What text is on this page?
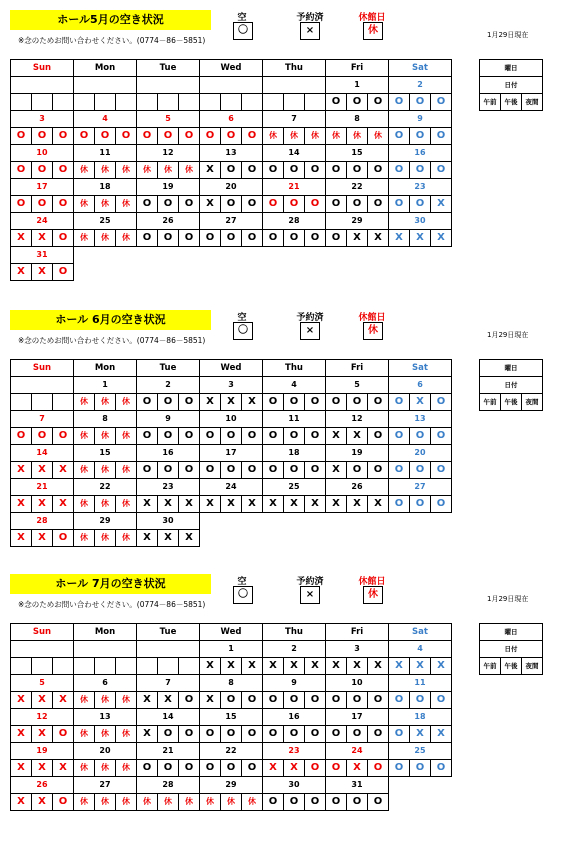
ホール5月の空き状況
※念のためお問い合わせください。(0774－86－5851)
空
〇
予約済
×
休館日
休	1月29日現在
Sun			Mon			Tue			Wed			Thu			Fri			Sat		
															1			2		
															O	O	O	O	O	O
3			4			5			6			7			8			9		
O	O	O	O	O	O	O	O	O	O	O	O	休	休	休	休	休	休	O	O	O
10			11			12			13			14			15			16		
O	O	O	休	休	休	休	休	休	X	O	O	O	O	O	O	O	O	O	O	O
17			18			19			20			21			22			23		
O	O	O	休	休	休	O	O	O	X	O	O	O	O	O	O	O	O	O	O	X
24			25			26			27			28			29			30		
X	X	O	休	休	休	O	O	O	O	O	O	O	O	O	O	X	X	X	X	X
31																				
X	X	O																		
曜日
日付
午前	午後	夜間
ホール 6月の空き状況
※念のためお問い合わせください。(0774－86－5851)
空
〇
予約済
×
休館日
休	1月29日現在
Sun			Mon			Tue			Wed			Thu			Fri			Sat		
			1			2			3			4			5			6		
			休	休	休	O	O	O	X	X	X	O	O	O	O	O	O	O	X	O
7			8			9			10			11			12			13		
O	O	O	休	休	休	O	O	O	O	O	O	O	O	O	X	X	O	O	O	O
14			15			16			17			18			19			20		
X	X	X	休	休	休	O	O	O	O	O	O	O	O	O	X	O	O	O	O	O
21			22			23			24			25			26			27		
X	X	X	休	休	休	X	X	X	X	X	X	X	X	X	X	X	X	O	O	O
28			29			30														
X	X	O	休	休	休	X	X	X												
曜日
日付
午前	午後	夜間
ホール 7月の空き状況
※念のためお問い合わせください。(0774－86－5851)
空
〇
予約済
×
休館日
休	1月29日現在
Sun			Mon			Tue			Wed			Thu			Fri			Sat		
									1			2			3			4		
									X	X	X	X	X	X	X	X	X	X	X	X
5			6			7			8			9			10			11		
X	X	X	休	休	休	X	X	O	X	O	O	O	O	O	O	O	O	O	O	O
12			13			14			15			16			17			18		
X	X	O	休	休	休	X	O	O	O	O	O	O	O	O	O	O	O	O	X	X
19			20			21			22			23			24			25		
X	X	X	休	休	休	O	O	O	O	O	O	X	X	O	O	X	O	O	O	O
26			27			28			29			30			31					
X	X	O	休	休	休	休	休	休	休	休	休	O	O	O	O	O	O			
曜日
日付
午前	午後	夜間
